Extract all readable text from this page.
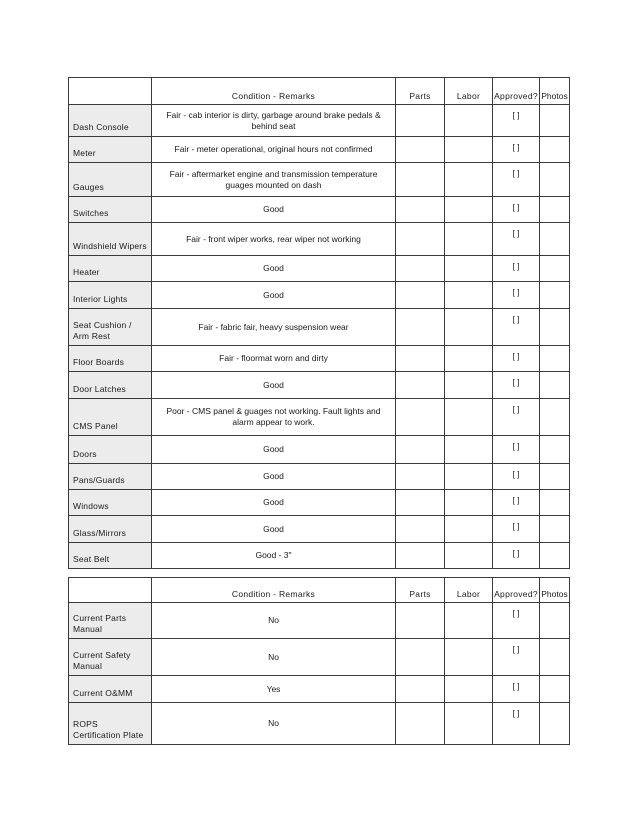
	Condition - Remarks	Parts	Labor	Approved?	Photos
Dash Console	Fair - cab interior is dirty, garbage around brake pedals & behind seat			[ ]	
Meter	Fair - meter operational, original hours not confirmed			[ ]	
Gauges	Fair - aftermarket engine and transmission temperature guages mounted on dash			[ ]	
Switches	Good			[ ]	
Windshield Wipers	Fair - front wiper works, rear wiper not working			[ ]	
Heater	Good			[ ]	
Interior Lights	Good			[ ]	
Seat Cushion / Arm Rest	Fair - fabric fair, heavy suspension wear			[ ]	
Floor Boards	Fair - floormat worn and dirty			[ ]	
Door Latches	Good			[ ]	
CMS Panel	Poor - CMS panel & guages not working. Fault lights and alarm appear to work.			[ ]	
Doors	Good			[ ]	
Pans/Guards	Good			[ ]	
Windows	Good			[ ]	
Glass/Mirrors	Good			[ ]	
Seat Belt	Good - 3"			[ ]	
	Condition - Remarks	Parts	Labor	Approved?	Photos
Current Parts Manual	No			[ ]	
Current Safety Manual	No			[ ]	
Current O&MM	Yes			[ ]	
ROPS Certification Plate	No			[ ]	
